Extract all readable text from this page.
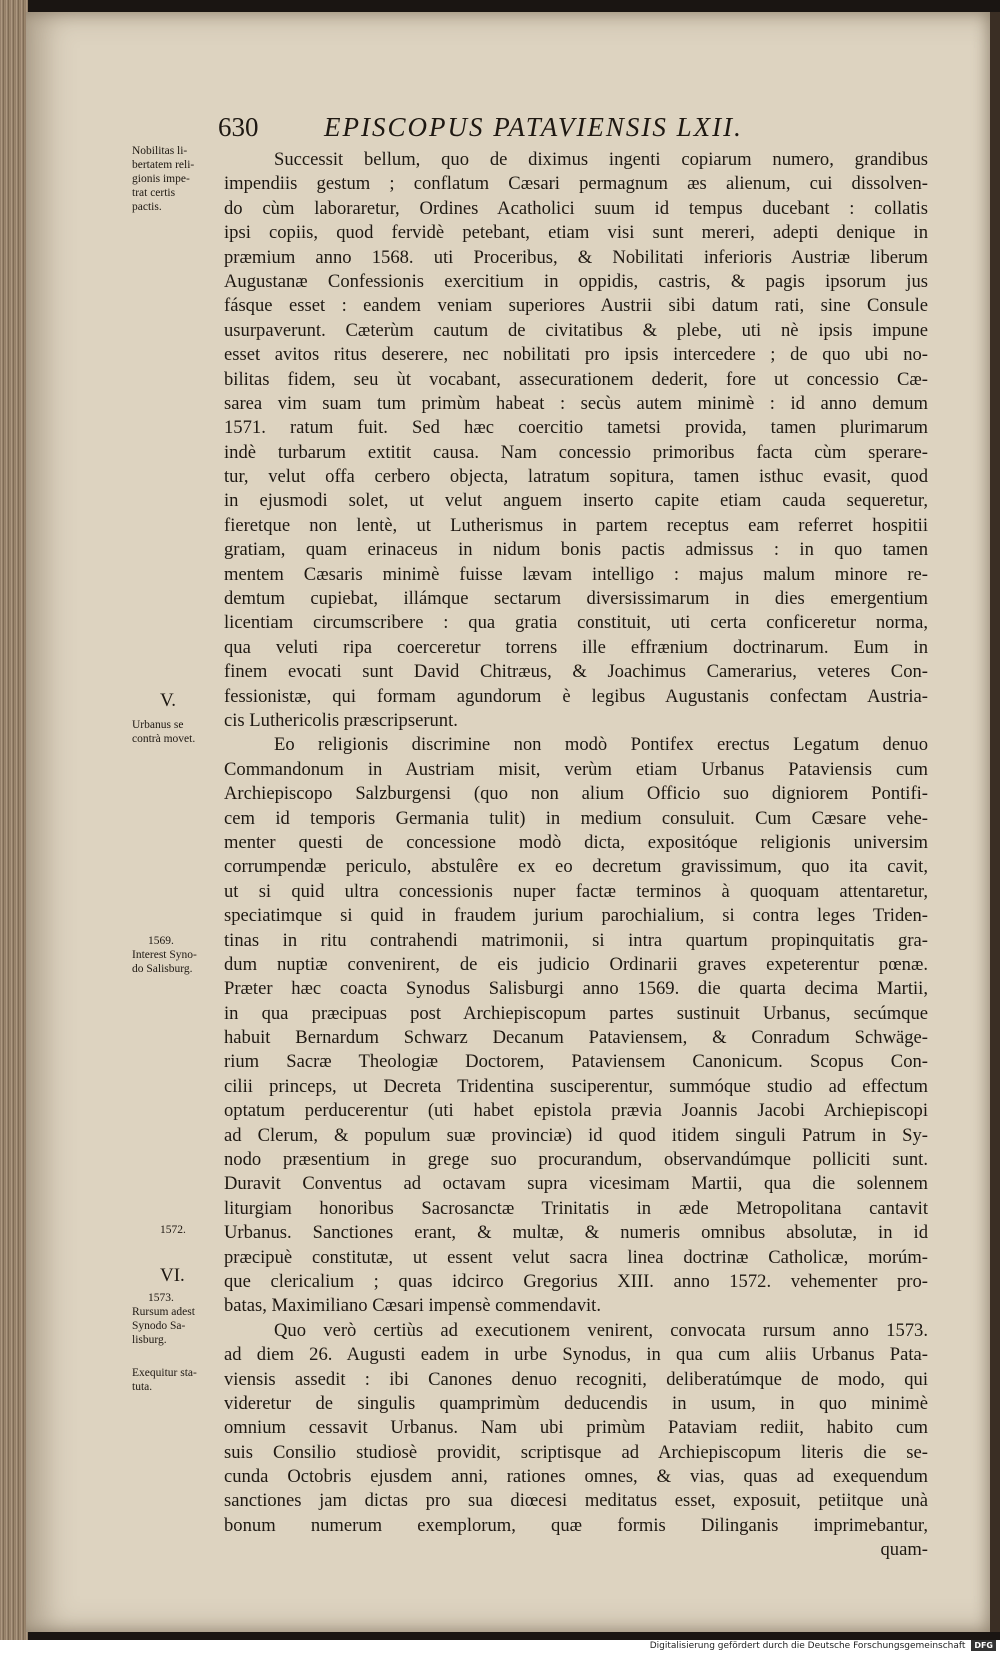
630 EPISCOPUS PATAVIENSIS LXII.
Nobilitas li-
bertatem reli-
gionis impe-
trat certis
pactis.
V.
Urbanus se
contrà movet.
1569.
Interest Syno-
do Salisburg.
1572.
VI.
1573.
Rursum adest
Synodo Sa-
lisburg.
Exequitur sta-
tuta.
Successit bellum, quo de diximus ingenti copiarum numero, grandibus
impendiis gestum ; conflatum Cæsari permagnum æs alienum, cui dissolven-
do cùm laboraretur, Ordines Acatholici suum id tempus ducebant : collatis
ipsi copiis, quod fervidè petebant, etiam visi sunt mereri, adepti denique in
præmium anno 1568. uti Proceribus, & Nobilitati inferioris Austriæ liberum
Augustanæ Confessionis exercitium in oppidis, castris, & pagis ipsorum jus
fásque esset : eandem veniam superiores Austrii sibi datum rati, sine Consule
usurpaverunt. Cæterùm cautum de civitatibus & plebe, uti nè ipsis impune
esset avitos ritus deserere, nec nobilitati pro ipsis intercedere ; de quo ubi no-
bilitas fidem, seu ùt vocabant, assecurationem dederit, fore ut concessio Cæ-
sarea vim suam tum primùm habeat : secùs autem minimè : id anno demum
1571. ratum fuit. Sed hæc coercitio tametsi provida, tamen plurimarum
indè turbarum extitit causa. Nam concessio primoribus facta cùm sperare-
tur, velut offa cerbero objecta, latratum sopitura, tamen isthuc evasit, quod
in ejusmodi solet, ut velut anguem inserto capite etiam cauda sequeretur,
fieretque non lentè, ut Lutherismus in partem receptus eam referret hospitii
gratiam, quam erinaceus in nidum bonis pactis admissus : in quo tamen
mentem Cæsaris minimè fuisse lævam intelligo : majus malum minore re-
demtum cupiebat, illámque sectarum diversissimarum in dies emergentium
licentiam circumscribere : qua gratia constituit, uti certa conficeretur norma,
qua veluti ripa coerceretur torrens ille effrænium doctrinarum. Eum in
finem evocati sunt David Chitræus, & Joachimus Camerarius, veteres Con-
fessionistæ, qui formam agundorum è legibus Augustanis confectam Austria-
cis Luthericolis præscripserunt.
Eo religionis discrimine non modò Pontifex erectus Legatum denuo
Commandonum in Austriam misit, verùm etiam Urbanus Pataviensis cum
Archiepiscopo Salzburgensi (quo non alium Officio suo digniorem Pontifi-
cem id temporis Germania tulit) in medium consuluit. Cum Cæsare vehe-
menter questi de concessione modò dicta, expositóque religionis universim
corrumpendæ periculo, abstulêre ex eo decretum gravissimum, quo ita cavit,
ut si quid ultra concessionis nuper factæ terminos à quoquam attentaretur,
speciatimque si quid in fraudem jurium parochialium, si contra leges Triden-
tinas in ritu contrahendi matrimonii, si intra quartum propinquitatis gra-
dum nuptiæ convenirent, de eis judicio Ordinarii graves expeterentur pœnæ.
Præter hæc coacta Synodus Salisburgi anno 1569. die quarta decima Martii,
in qua præcipuas post Archiepiscopum partes sustinuit Urbanus, secúmque
habuit Bernardum Schwarz Decanum Pataviensem, & Conradum Schwäge-
rium Sacræ Theologiæ Doctorem, Pataviensem Canonicum. Scopus Con-
cilii princeps, ut Decreta Tridentina susciperentur, summóque studio ad effectum
optatum perducerentur (uti habet epistola prævia Joannis Jacobi Archiepiscopi
ad Clerum, & populum suæ provinciæ) id quod itidem singuli Patrum in Sy-
nodo præsentium in grege suo procurandum, observandúmque polliciti sunt.
Duravit Conventus ad octavam supra vicesimam Martii, qua die solennem
liturgiam honoribus Sacrosanctæ Trinitatis in æde Metropolitana cantavit
Urbanus. Sanctiones erant, & multæ, & numeris omnibus absolutæ, in id
præcipuè constitutæ, ut essent velut sacra linea doctrinæ Catholicæ, morúm-
que clericalium ; quas idcirco Gregorius XIII. anno 1572. vehementer pro-
batas, Maximiliano Cæsari impensè commendavit.
Quo verò certiùs ad executionem venirent, convocata rursum anno 1573.
ad diem 26. Augusti eadem in urbe Synodus, in qua cum aliis Urbanus Pata-
viensis assedit : ibi Canones denuo recogniti, deliberatúmque de modo, qui
videretur de singulis quamprimùm deducendis in usum, in quo minimè
omnium cessavit Urbanus. Nam ubi primùm Pataviam rediit, habito cum
suis Consilio studiosè providit, scriptisque ad Archiepiscopum literis die se-
cunda Octobris ejusdem anni, rationes omnes, & vias, quas ad exequendum
sanctiones jam dictas pro sua diœcesi meditatus esset, exposuit, petiitque unà
bonum numerum exemplorum, quæ formis Dilinganis imprimebantur,
quam-
Digitalisierung gefördert durch die Deutsche Forschungsgemeinschaft DFG
